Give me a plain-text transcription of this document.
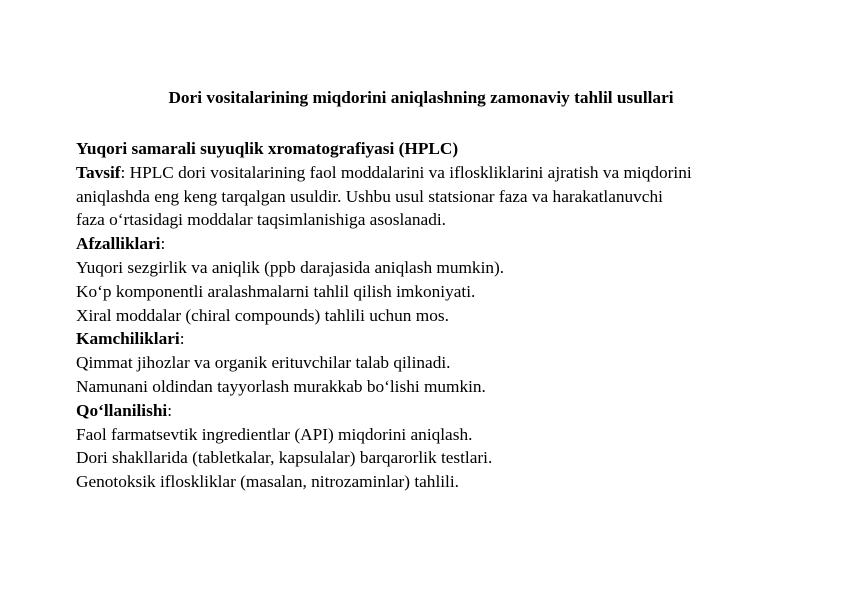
Dori vositalarining miqdorini aniqlashning zamonaviy tahlil usullari
Yuqori samarali suyuqlik xromatografiyasi (HPLC)
Tavsif: HPLC dori vositalarining faol moddalarini va ifloskliklarini ajratish va miqdorini
aniqlashda eng keng tarqalgan usuldir. Ushbu usul statsionar faza va harakatlanuvchi
faza o‘rtasidagi moddalar taqsimlanishiga asoslanadi.
Afzalliklari:
Yuqori sezgirlik va aniqlik (ppb darajasida aniqlash mumkin).
Ko‘p komponentli aralashmalarni tahlil qilish imkoniyati.
Xiral moddalar (chiral compounds) tahlili uchun mos.
Kamchiliklari:
Qimmat jihozlar va organik erituvchilar talab qilinadi.
Namunani oldindan tayyorlash murakkab bo‘lishi mumkin.
Qo‘llanilishi:
Faol farmatsevtik ingredientlar (API) miqdorini aniqlash.
Dori shakllarida (tabletkalar, kapsulalar) barqarorlik testlari.
Genotoksik ifloskliklar (masalan, nitrozaminlar) tahlili.
